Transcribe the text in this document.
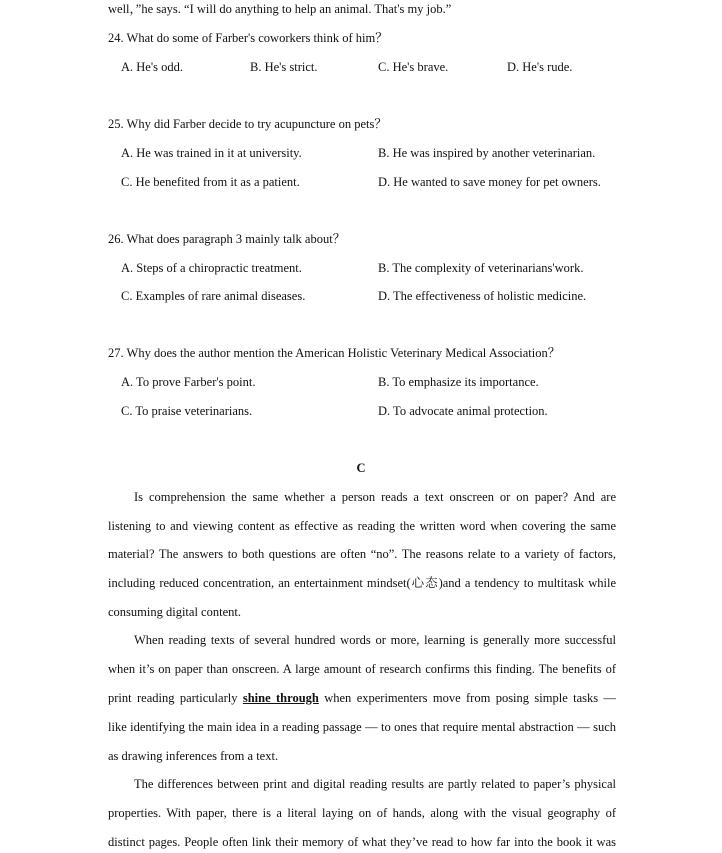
well，”he says. “I will do anything to help an animal. That's my job.”
24. What do some of Farber's coworkers think of him？
A. He's odd.	B. He's strict.	C. He's brave.	D. He's rude.
25. Why did Farber decide to try acupuncture on pets？
A. He was trained in it at university.	B. He was inspired by another veterinarian.
C. He benefited from it as a patient.	D. He wanted to save money for pet owners.
26. What does paragraph 3 mainly talk about？
A. Steps of a chiropractic treatment.	B. The complexity of veterinarians'work.
C. Examples of rare animal diseases.	D. The effectiveness of holistic medicine.
27. Why does the author mention the American Holistic Veterinary Medical Association？
A. To prove Farber's point.	B. To emphasize its importance.
C. To praise veterinarians.	D. To advocate animal protection.
C
Is comprehension the same whether a person reads a text onscreen or on paper? And are
listening to and viewing content as effective as reading the written word when covering the same
material? The answers to both questions are often “no”. The reasons relate to a variety of factors,
including reduced concentration, an entertainment mindset(心态)and a tendency to multitask while
consuming digital content.
When reading texts of several hundred words or more, learning is generally more successful
when it’s on paper than onscreen. A large amount of research confirms this finding. The benefits of
print reading particularly shine through when experimenters move from posing simple tasks —
like identifying the main idea in a reading passage — to ones that require mental abstraction — such
as drawing inferences from a text.
The differences between print and digital reading results are partly related to paper’s physical
properties. With paper, there is a literal laying on of hands, along with the visual geography of
distinct pages. People often link their memory of what they’ve read to how far into the book it was
